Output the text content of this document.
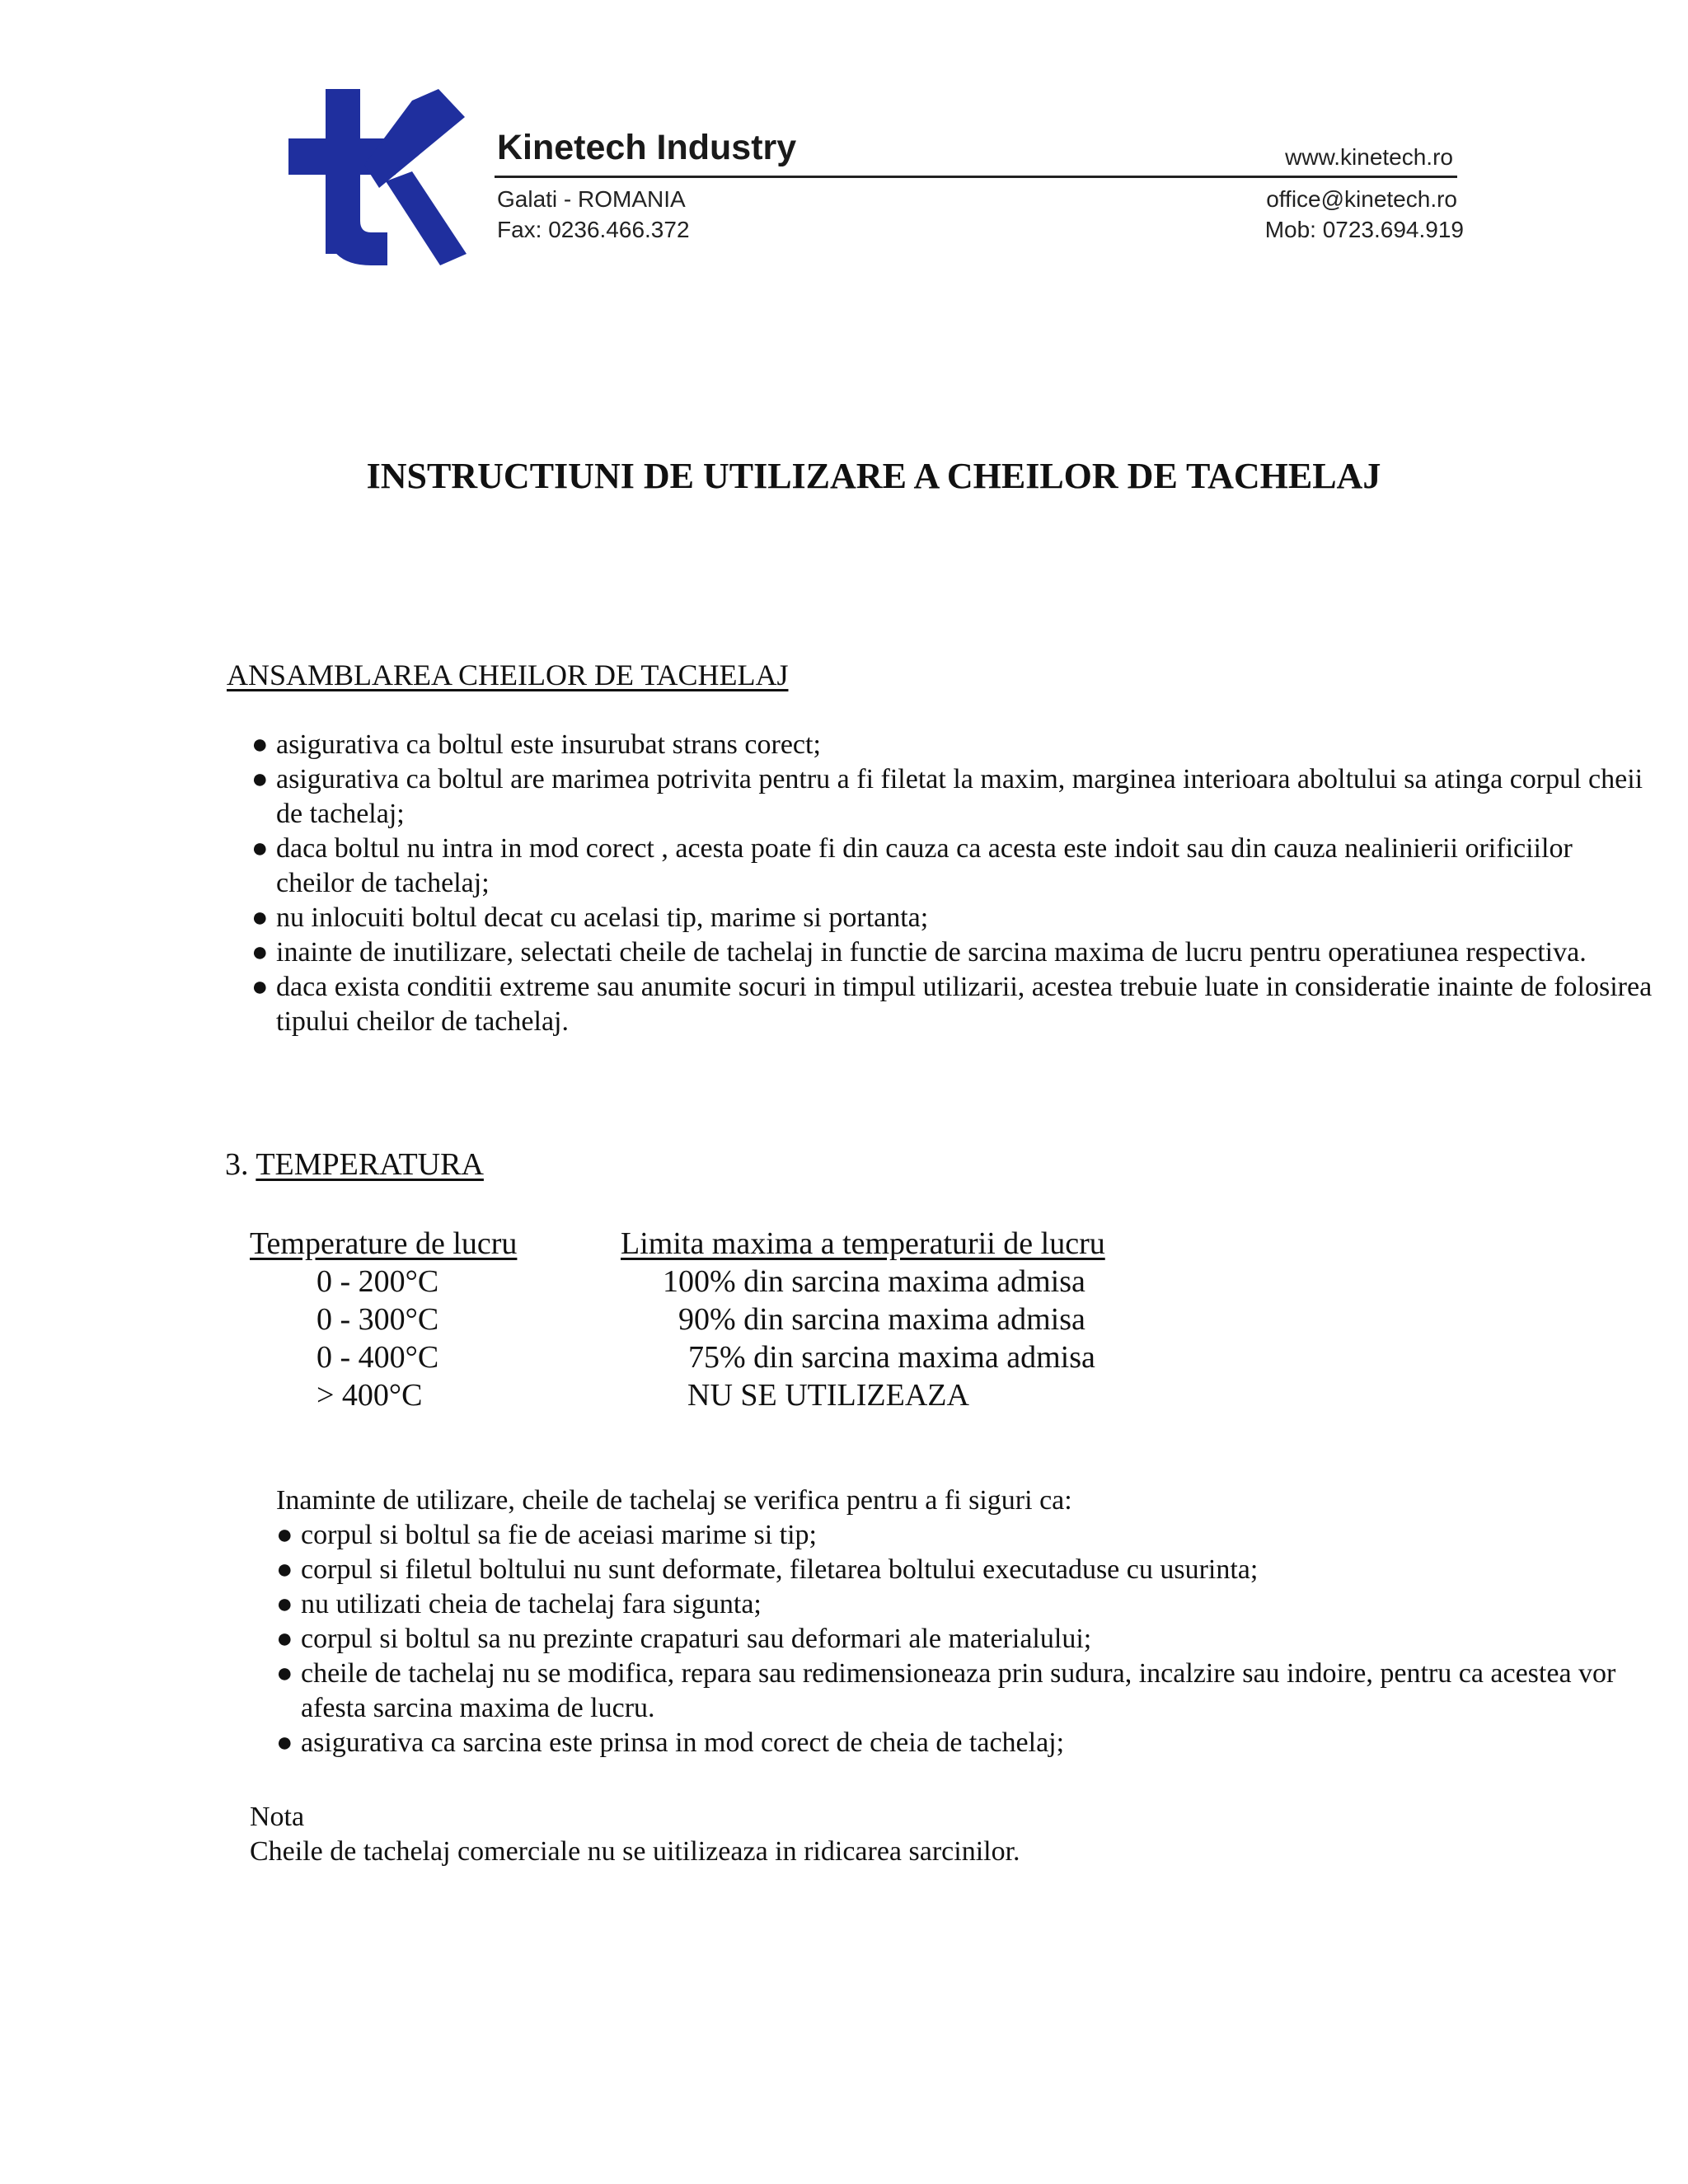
Kinetech Industry	www.kinetech.ro
Galati - ROMANIA
Fax: 0236.466.372
office@kinetech.ro
Mob: 0723.694.919
INSTRUCTIUNI DE UTILIZARE A CHEILOR DE TACHELAJ
ANSAMBLAREA CHEILOR DE TACHELAJ
● asigurativa ca boltul este insurubat strans corect;
● asigurativa ca boltul are marimea potrivita pentru a fi filetat la maxim, marginea interioara aboltului sa atinga corpul cheii de tachelaj;
● daca boltul nu intra in mod corect , acesta poate fi din cauza ca acesta este indoit sau din cauza nealinierii orificiilor cheilor de tachelaj;
● nu inlocuiti boltul decat cu acelasi tip, marime si portanta;
● inainte de inutilizare, selectati cheile de tachelaj in functie de sarcina maxima de lucru pentru operatiunea respectiva.
● daca exista conditii extreme sau anumite socuri in timpul utilizarii, acestea trebuie luate in consideratie inainte de folosirea tipului cheilor de tachelaj.
3. TEMPERATURA
Temperature de lucru	Limita maxima a temperaturii de lucru
0 - 200°C	100% din sarcina maxima admisa
0 - 300°C	90% din sarcina maxima admisa
0 - 400°C	75% din sarcina maxima admisa
> 400°C	NU SE UTILIZEAZA
Inaminte de utilizare, cheile de tachelaj se verifica pentru a fi siguri ca:
● corpul si boltul sa fie de aceiasi marime si tip;
● corpul si filetul boltului nu sunt deformate, filetarea boltului executaduse cu usurinta;
● nu utilizati cheia de tachelaj fara sigunta;
● corpul si boltul sa nu prezinte crapaturi sau deformari ale materialului;
● cheile de tachelaj nu se modifica, repara sau redimensioneaza prin sudura, incalzire sau indoire, pentru ca acestea vor afesta sarcina maxima de lucru.
● asigurativa ca sarcina este prinsa in mod corect de cheia de tachelaj;
Nota
Cheile de tachelaj comerciale nu se uitilizeaza in ridicarea sarcinilor.
